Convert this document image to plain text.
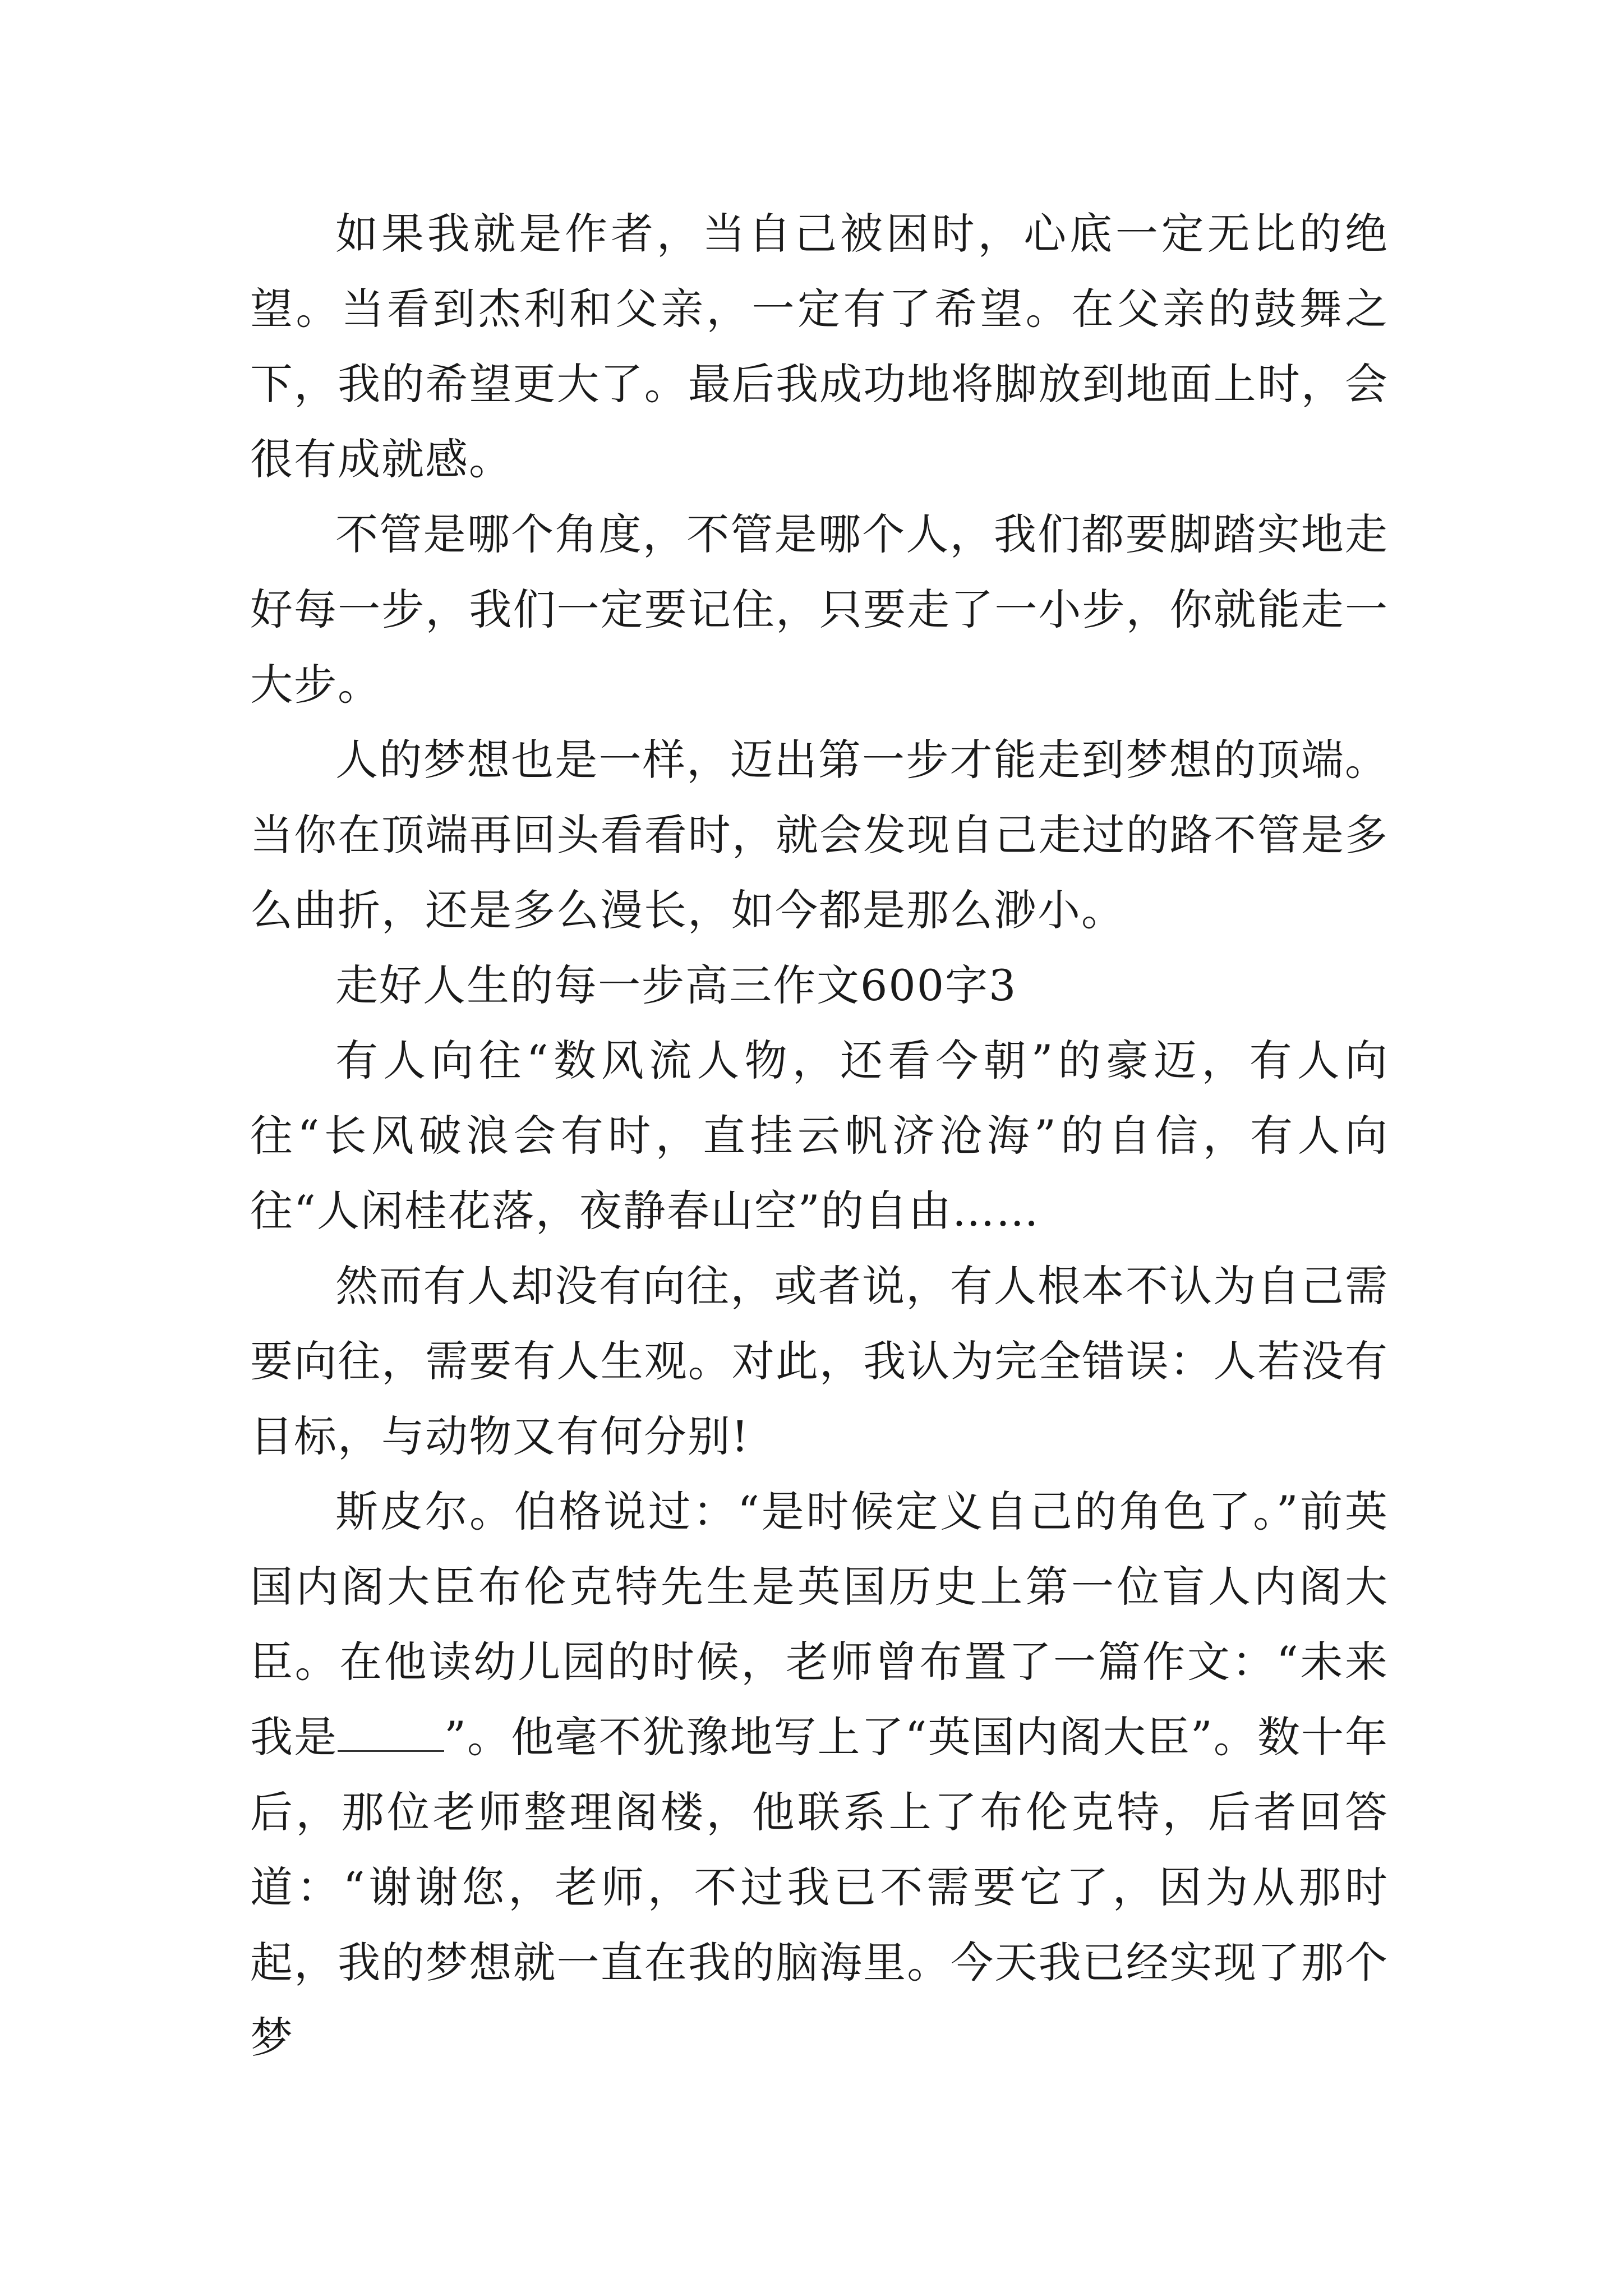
如果我就是作者，当自己被困时，心底一定无比的绝望。当看到杰利和父亲，一定有了希望。在父亲的鼓舞之下，我的希望更大了。最后我成功地将脚放到地面上时，会很有成就感。

不管是哪个角度，不管是哪个人，我们都要脚踏实地走好每一步，我们一定要记住，只要走了一小步，你就能走一大步。

人的梦想也是一样，迈出第一步才能走到梦想的顶端。当你在顶端再回头看看时，就会发现自己走过的路不管是多么曲折，还是多么漫长，如今都是那么渺小。

走好人生的每一步高三作文600字3

有人向往“数风流人物，还看今朝”的豪迈，有人向往“长风破浪会有时，直挂云帆济沧海”的自信，有人向往“人闲桂花落，夜静春山空”的自由……

然而有人却没有向往，或者说，有人根本不认为自己需要向往，需要有人生观。对此，我认为完全错误：人若没有目标，与动物又有何分别!

斯皮尔。伯格说过：“是时候定义自己的角色了。”前英国内阁大臣布伦克特先生是英国历史上第一位盲人内阁大臣。在他读幼儿园的时候，老师曾布置了一篇作文：“未来我是	”。他毫不犹豫地写上了“英国内阁大臣”。数十年后，那位老师整理阁楼，他联系上了布伦克特，后者回答道：“谢谢您，老师，不过我已不需要它了，因为从那时起，我的梦想就一直在我的脑海里。今天我已经实现了那个梦
